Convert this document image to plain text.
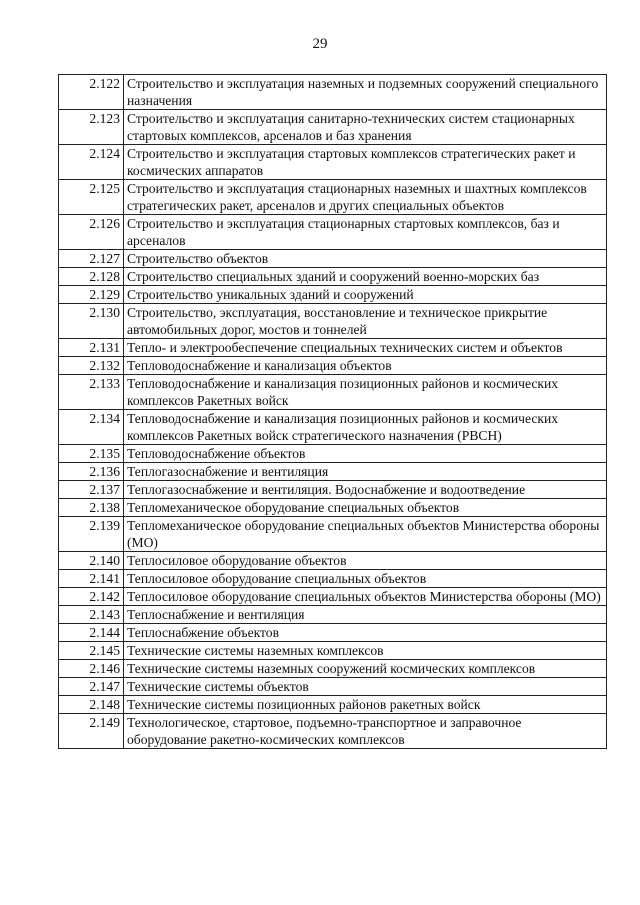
29
2.122	Строительство и эксплуатация наземных и подземных сооружений специального назначения
2.123	Строительство и эксплуатация санитарно-технических систем стационарных стартовых комплексов, арсеналов и баз хранения
2.124	Строительство и эксплуатация стартовых комплексов стратегических ракет и космических аппаратов
2.125	Строительство и эксплуатация стационарных наземных и шахтных комплексов стратегических ракет, арсеналов и других специальных объектов
2.126	Строительство и эксплуатация стационарных стартовых комплексов, баз и арсеналов
2.127	Строительство объектов
2.128	Строительство специальных зданий и сооружений военно-морских баз
2.129	Строительство уникальных зданий и сооружений
2.130	Строительство, эксплуатация, восстановление и техническое прикрытие автомобильных дорог, мостов и тоннелей
2.131	Тепло- и электрообеспечение специальных технических систем и объектов
2.132	Тепловодоснабжение и канализация объектов
2.133	Тепловодоснабжение и канализация позиционных районов и космических комплексов Ракетных войск
2.134	Тепловодоснабжение и канализация позиционных районов и космических комплексов Ракетных войск стратегического назначения (РВСН)
2.135	Тепловодоснабжение объектов
2.136	Теплогазоснабжение и вентиляция
2.137	Теплогазоснабжение и вентиляция. Водоснабжение и водоотведение
2.138	Тепломеханическое оборудование специальных объектов
2.139	Тепломеханическое оборудование специальных объектов Министерства обороны (МО)
2.140	Теплосиловое оборудование объектов
2.141	Теплосиловое оборудование специальных объектов
2.142	Теплосиловое оборудование специальных объектов Министерства обороны (МО)
2.143	Теплоснабжение и вентиляция
2.144	Теплоснабжение объектов
2.145	Технические системы наземных комплексов
2.146	Технические системы наземных сооружений космических комплексов
2.147	Технические системы объектов
2.148	Технические системы позиционных районов ракетных войск
2.149	Технологическое, стартовое, подъемно-транспортное и заправочное оборудование ракетно-космических комплексов
